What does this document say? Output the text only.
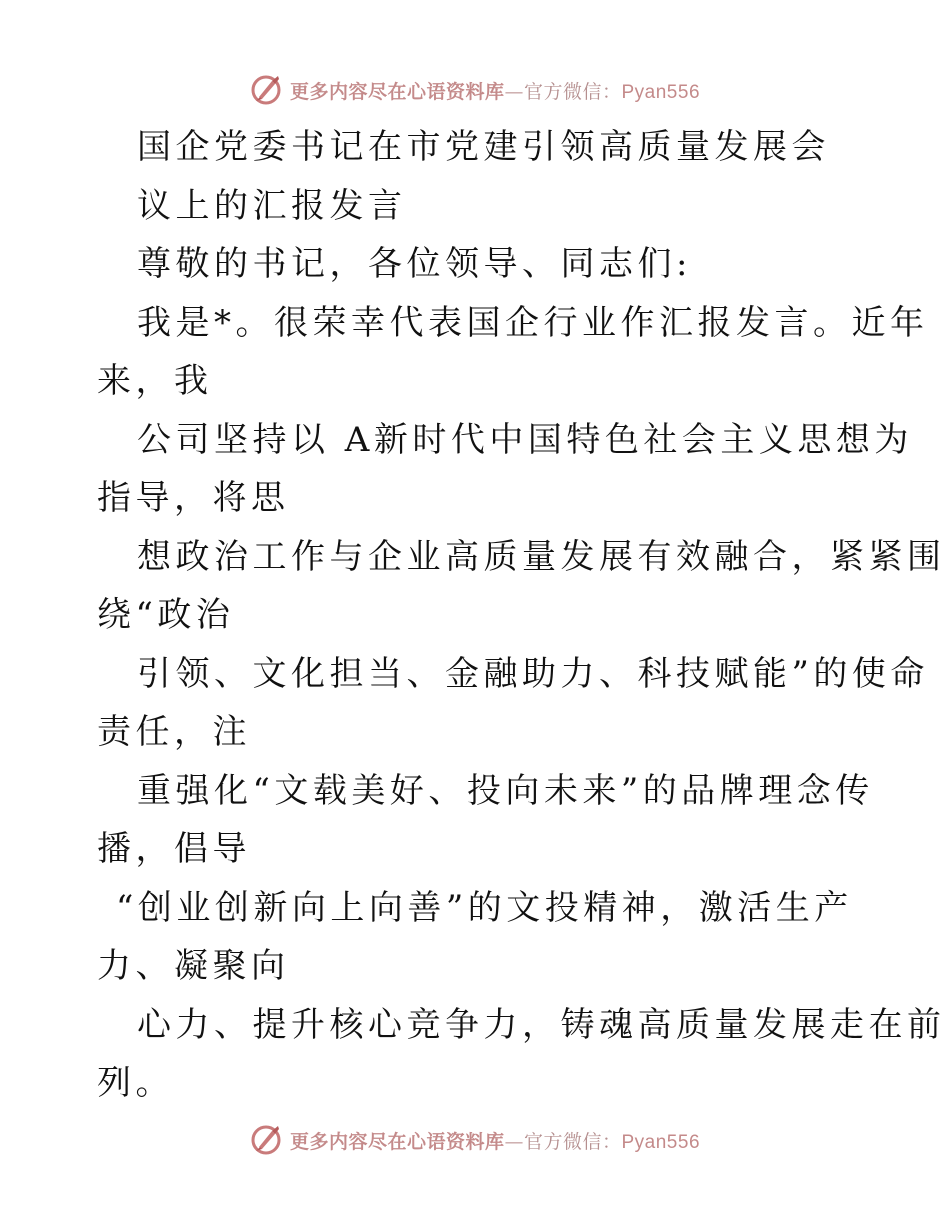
更多内容尽在心语资料库—官方微信：Pyan556
国企党委书记在市党建引领高质量发展会
议上的汇报发言
尊敬的书记，各位领导、同志们:
我是*。很荣幸代表国企行业作汇报发言。近年
来，我
公司坚持以 A新时代中国特色社会主义思想为
指导，将思
想政治工作与企业高质量发展有效融合，紧紧围
绕“政治
引领、文化担当、金融助力、科技赋能”的使命
责任，注
重强化“文载美好、投向未来”的品牌理念传
播，倡导
“创业创新向上向善”的文投精神，激活生产
力、凝聚向
心力、提升核心竞争力，铸魂高质量发展走在前
列。
更多内容尽在心语资料库—官方微信：Pyan556
